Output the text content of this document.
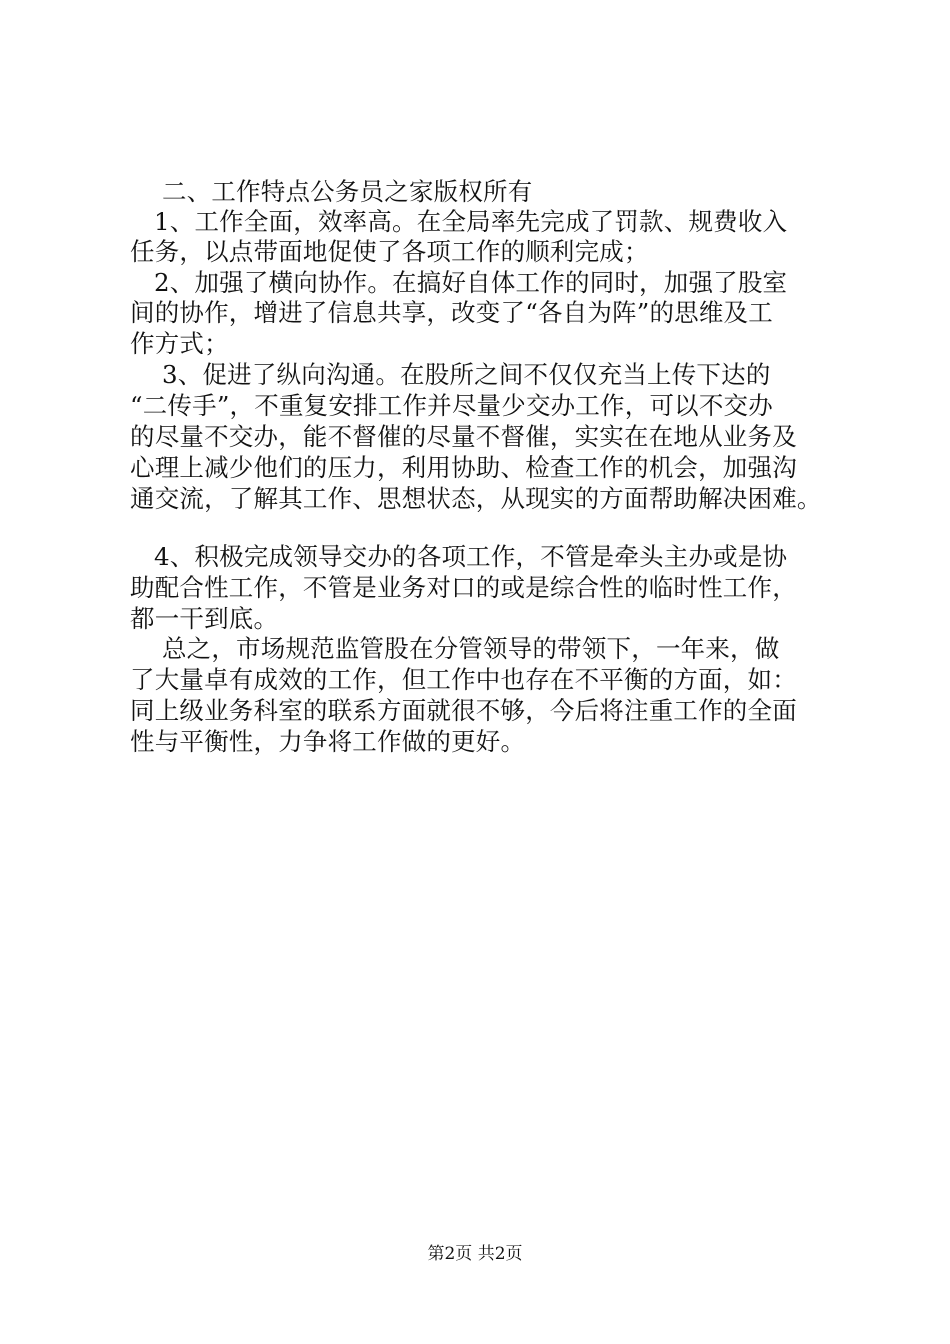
二、工作特点公务员之家版权所有
1、工作全面，效率高。在全局率先完成了罚款、规费收入
任务，以点带面地促使了各项工作的顺利完成；
2、加强了横向协作。在搞好自体工作的同时，加强了股室
间的协作，增进了信息共享，改变了“各自为阵”的思维及工
作方式；
3、促进了纵向沟通。在股所之间不仅仅充当上传下达的
“二传手”，不重复安排工作并尽量少交办工作，可以不交办
的尽量不交办，能不督催的尽量不督催，实实在在地从业务及
心理上减少他们的压力，利用协助、检查工作的机会，加强沟
通交流，了解其工作、思想状态，从现实的方面帮助解决困难。
4、积极完成领导交办的各项工作，不管是牵头主办或是协
助配合性工作，不管是业务对口的或是综合性的临时性工作，
都一干到底。
总之，市场规范监管股在分管领导的带领下，一年来，做
了大量卓有成效的工作，但工作中也存在不平衡的方面，如：
同上级业务科室的联系方面就很不够，今后将注重工作的全面
性与平衡性，力争将工作做的更好。
第2页 共2页
